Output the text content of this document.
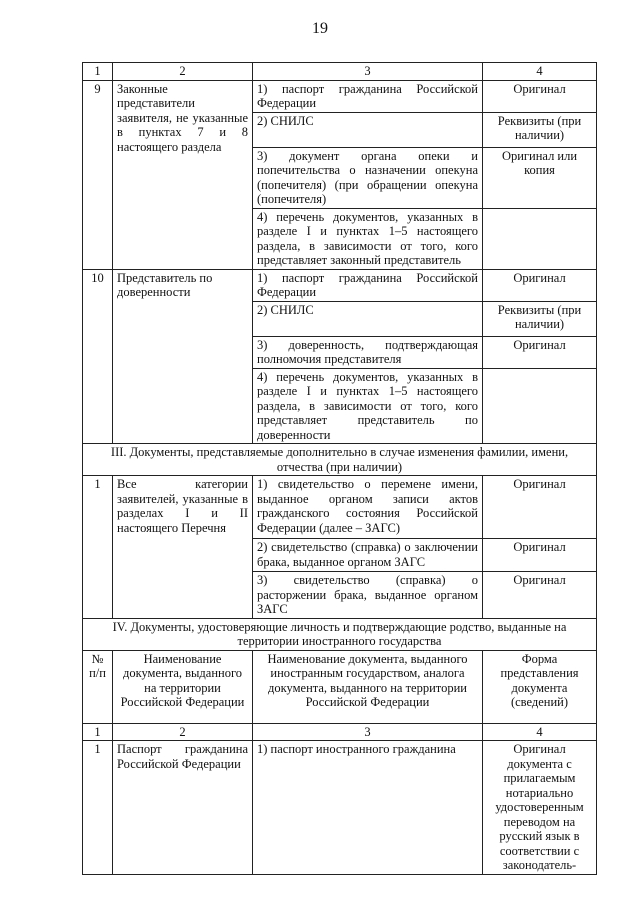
19
1	2	3	4
9	Законные представители заявителя, не указанные в пунктах 7 и 8 настоящего раздела	1) паспорт гражданина Российской Федерации	Оригинал
		2) СНИЛС	Реквизиты (при наличии)
		3) документ органа опеки и попечительства о назначении опекуна (попечителя) (при обращении опекуна (попечителя)	Оригинал или копия
		4) перечень документов, указанных в разделе I и пунктах 1–5 настоящего раздела, в зависимости от того, кого представляет законный представитель	
10	Представитель по доверенности	1) паспорт гражданина Российской Федерации	Оригинал
		2) СНИЛС	Реквизиты (при наличии)
		3) доверенность, подтверждающая полномочия представителя	Оригинал
		4) перечень документов, указанных в разделе I и пунктах 1–5 настоящего раздела, в зависимости от того, кого представляет представитель по доверенности	
III. Документы, представляемые дополнительно в случае изменения фамилии, имени, отчества (при наличии)			
1	Все категории заявителей, указанные в разделах I и II настоящего Перечня	1) свидетельство о перемене имени, выданное органом записи актов гражданского состояния Российской Федерации (далее – ЗАГС)	Оригинал
		2) свидетельство (справка) о заключении брака, выданное органом ЗАГС	Оригинал
		3) свидетельство (справка) о расторжении брака, выданное органом ЗАГС	Оригинал
IV. Документы, удостоверяющие личность и подтверждающие родство, выданные на территории иностранного государства			
№ п/п	Наименование документа, выданного на территории Российской Федерации	Наименование документа, выданного иностранным государством, аналога документа, выданного на территории Российской Федерации	Форма представления документа (сведений)
1	2	3	4
1	Паспорт гражданина Российской Федерации	1) паспорт иностранного гражданина	Оригинал документа с прилагаемым нотариально удостоверенным переводом на русский язык в соответствии с законодатель-
